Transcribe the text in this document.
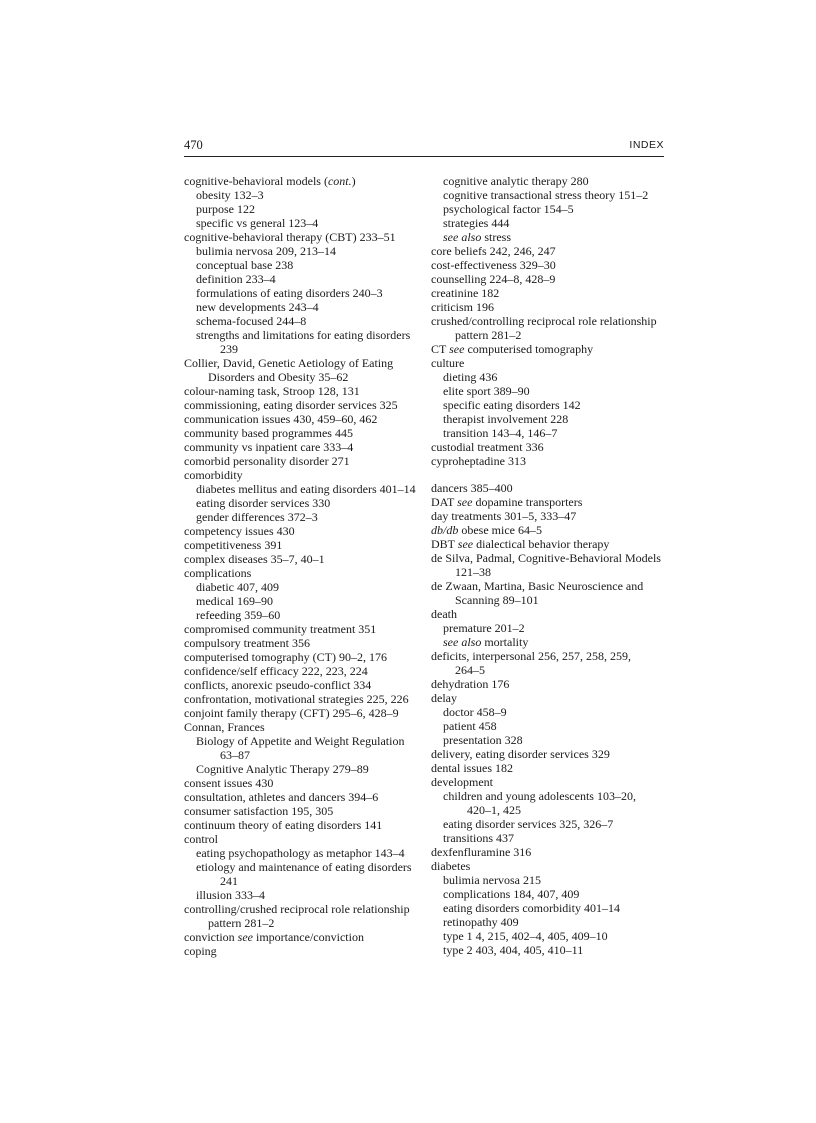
470	INDEX
cognitive-behavioral models (cont.)
obesity 132–3
purpose 122
specific vs general 123–4
cognitive-behavioral therapy (CBT) 233–51
bulimia nervosa 209, 213–14
conceptual base 238
definition 233–4
formulations of eating disorders 240–3
new developments 243–4
schema-focused 244–8
strengths and limitations for eating disorders
239
Collier, David, Genetic Aetiology of Eating
Disorders and Obesity 35–62
colour-naming task, Stroop 128, 131
commissioning, eating disorder services 325
communication issues 430, 459–60, 462
community based programmes 445
community vs inpatient care 333–4
comorbid personality disorder 271
comorbidity
diabetes mellitus and eating disorders 401–14
eating disorder services 330
gender differences 372–3
competency issues 430
competitiveness 391
complex diseases 35–7, 40–1
complications
diabetic 407, 409
medical 169–90
refeeding 359–60
compromised community treatment 351
compulsory treatment 356
computerised tomography (CT) 90–2, 176
confidence/self efficacy 222, 223, 224
conflicts, anorexic pseudo-conflict 334
confrontation, motivational strategies 225, 226
conjoint family therapy (CFT) 295–6, 428–9
Connan, Frances
Biology of Appetite and Weight Regulation
63–87
Cognitive Analytic Therapy 279–89
consent issues 430
consultation, athletes and dancers 394–6
consumer satisfaction 195, 305
continuum theory of eating disorders 141
control
eating psychopathology as metaphor 143–4
etiology and maintenance of eating disorders
241
illusion 333–4
controlling/crushed reciprocal role relationship
pattern 281–2
conviction see importance/conviction
coping
cognitive analytic therapy 280
cognitive transactional stress theory 151–2
psychological factor 154–5
strategies 444
see also stress
core beliefs 242, 246, 247
cost-effectiveness 329–30
counselling 224–8, 428–9
creatinine 182
criticism 196
crushed/controlling reciprocal role relationship
pattern 281–2
CT see computerised tomography
culture
dieting 436
elite sport 389–90
specific eating disorders 142
therapist involvement 228
transition 143–4, 146–7
custodial treatment 336
cyproheptadine 313
dancers 385–400
DAT see dopamine transporters
day treatments 301–5, 333–47
db/db obese mice 64–5
DBT see dialectical behavior therapy
de Silva, Padmal, Cognitive-Behavioral Models
121–38
de Zwaan, Martina, Basic Neuroscience and
Scanning 89–101
death
premature 201–2
see also mortality
deficits, interpersonal 256, 257, 258, 259,
264–5
dehydration 176
delay
doctor 458–9
patient 458
presentation 328
delivery, eating disorder services 329
dental issues 182
development
children and young adolescents 103–20,
420–1, 425
eating disorder services 325, 326–7
transitions 437
dexfenfluramine 316
diabetes
bulimia nervosa 215
complications 184, 407, 409
eating disorders comorbidity 401–14
retinopathy 409
type 1 4, 215, 402–4, 405, 409–10
type 2 403, 404, 405, 410–11
